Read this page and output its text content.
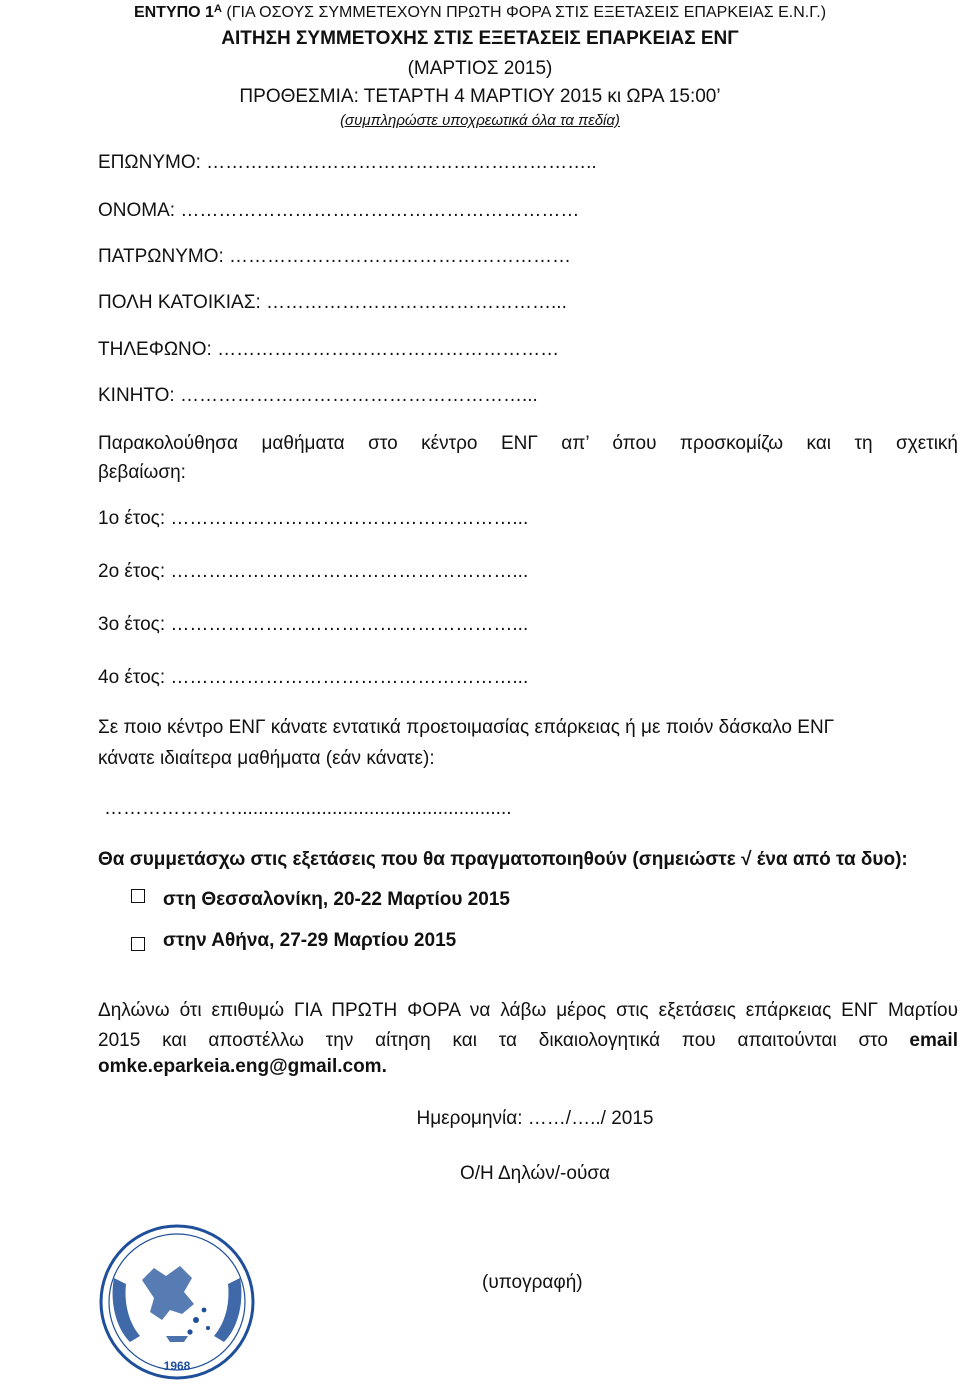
ΕΝΤΥΠΟ $1^A$ (ΓΙΑ ΟΣΟΥΣ ΣΥΜΜΕΤΕΧΟΥΝ ΠΡΩΤΗ ΦΟΡΑ ΣΤΙΣ ΕΞΕΤΑΣΕΙΣ ΕΠΑΡΚΕΙΑΣ Ε.Ν.Γ.)
ΑΙΤΗΣΗ ΣΥΜΜΕΤΟΧΗΣ ΣΤΙΣ ΕΞΕΤΑΣΕΙΣ ΕΠΑΡΚΕΙΑΣ ΕΝΓ
(ΜΑΡΤΙΟΣ 2015)
ΠΡΟΘΕΣΜΙΑ: ΤΕΤΑΡΤΗ 4 ΜΑΡΤΙΟΥ 2015 κι ΩΡΑ 15:00’
(συμπληρώστε υποχρεωτικά όλα τα πεδία)
ΕΠΩΝΥΜΟ: ……………………………………………………..
ΟΝΟΜΑ: ………………………………………………………
ΠΑΤΡΩΝΥΜΟ: ………………………………………………
ΠΟΛΗ ΚΑΤΟΙΚΙΑΣ: ………………………………………...
ΤΗΛΕΦΩΝΟ: ………………………………………………
ΚΙΝΗΤΟ: ………………………………………………...
Παρακολούθησα μαθήματα στο κέντρο ΕΝΓ απ’ όπου προσκομίζω και τη σχετική
βεβαίωση:
1ο έτος: ………………………………………………...
2ο έτος: ………………………………………………...
3ο έτος: ………………………………………………...
4ο έτος: ………………………………………………...
Σε ποιο κέντρο ΕΝΓ κάνατε εντατικά προετοιμασίας επάρκειας ή με ποιόν δάσκαλο ΕΝΓ
κάνατε ιδιαίτερα μαθήματα (εάν κάνατε):
…………………....................................................
Θα συμμετάσχω στις εξετάσεις που θα πραγματοποιηθούν (σημειώστε √ ένα από τα δυο):
στη Θεσσαλονίκη, 20-22 Μαρτίου 2015
στην Αθήνα, 27-29 Μαρτίου 2015
Δηλώνω ότι επιθυμώ ΓΙΑ ΠΡΩΤΗ ΦΟΡΑ να λάβω μέρος στις εξετάσεις επάρκειας ΕΝΓ Μαρτίου
2015 και αποστέλλω την αίτηση και τα δικαιολογητικά που απαιτούνται στο email
omke.eparkeia.eng@gmail.com.
Ημερομηνία: ……/…../ 2015
Ο/Η Δηλών/-ούσα
(υπογραφή)
1968
